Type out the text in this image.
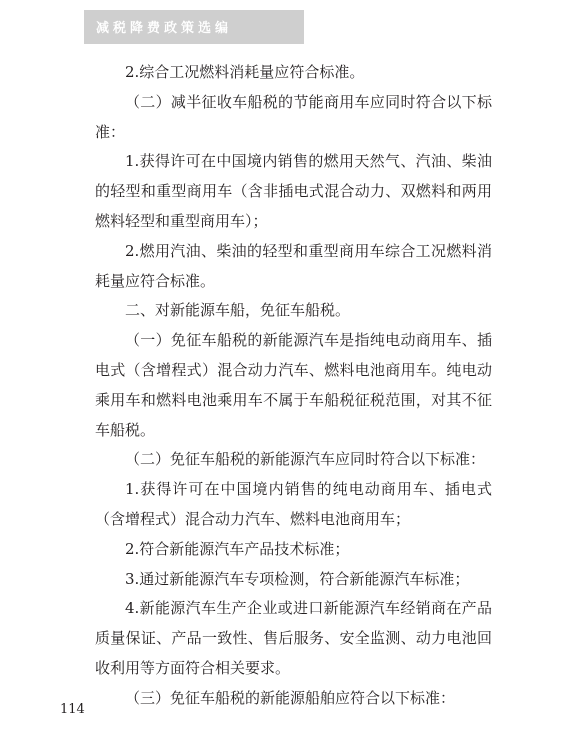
减税降费政策选编

2.综合工况燃料消耗量应符合标准。

（二）减半征收车船税的节能商用车应同时符合以下标准：

1.获得许可在中国境内销售的燃用天然气、汽油、柴油的轻型和重型商用车（含非插电式混合动力、双燃料和两用燃料轻型和重型商用车）；

2.燃用汽油、柴油的轻型和重型商用车综合工况燃料消耗量应符合标准。

二、对新能源车船，免征车船税。

（一）免征车船税的新能源汽车是指纯电动商用车、插电式（含增程式）混合动力汽车、燃料电池商用车。纯电动乘用车和燃料电池乘用车不属于车船税征税范围，对其不征车船税。

（二）免征车船税的新能源汽车应同时符合以下标准：

1.获得许可在中国境内销售的纯电动商用车、插电式（含增程式）混合动力汽车、燃料电池商用车；

2.符合新能源汽车产品技术标准；

3.通过新能源汽车专项检测，符合新能源汽车标准；

4.新能源汽车生产企业或进口新能源汽车经销商在产品质量保证、产品一致性、售后服务、安全监测、动力电池回收利用等方面符合相关要求。

（三）免征车船税的新能源船舶应符合以下标准：

114
